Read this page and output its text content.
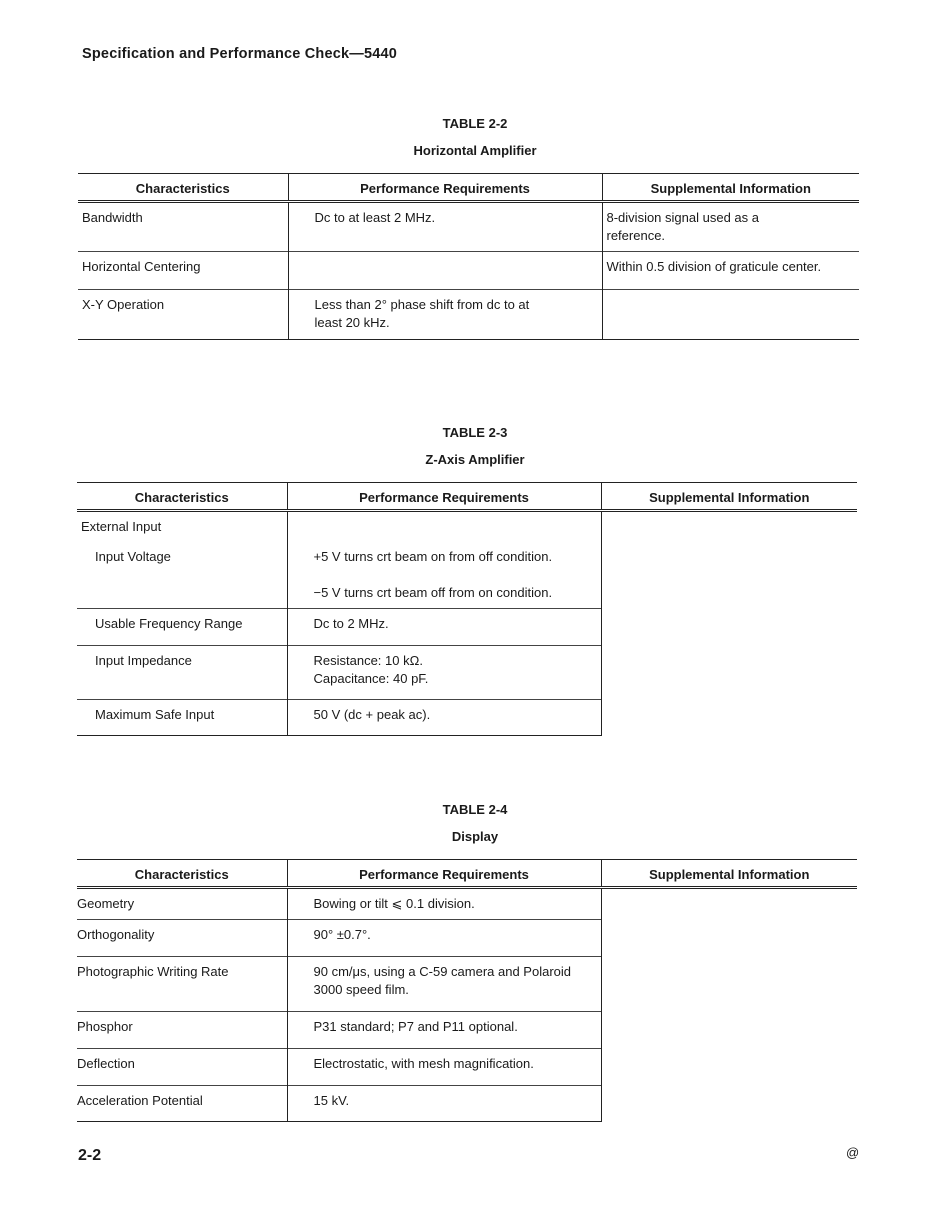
Specification and Performance Check—5440
TABLE 2-2
Horizontal Amplifier
Characteristics	Performance Requirements	Supplemental Information
Bandwidth	Dc to at least 2 MHz.	8-division signal used as a
reference.

Horizontal Centering		Within 0.5 division of graticule center.

X-Y Operation	Less than 2° phase shift from dc to at
least 20 kHz.	

TABLE 2-3
Z-Axis Amplifier
Characteristics	Performance Requirements	Supplemental Information
External Input		
Input Voltage	+5 V turns crt beam on from off condition.
−5 V turns crt beam off from on condition.	

Usable Frequency Range	Dc to 2 MHz.	

Input Impedance	Resistance: 10 kΩ.
Capacitance: 40 pF.	

Maximum Safe Input	50 V (dc + peak ac).	
TABLE 2-4
Display
Characteristics	Performance Requirements	Supplemental Information
Geometry	Bowing or tilt ⩽ 0.1 division.	

Orthogonality	90° ±0.7°.	

Photographic Writing Rate	90 cm/μs, using a C-59 camera and Polaroid
3000 speed film.	

Phosphor	P31 standard; P7 and P11 optional.	

Deflection	Electrostatic, with mesh magnification.	

Acceleration Potential	15 kV.	
2-2	@
